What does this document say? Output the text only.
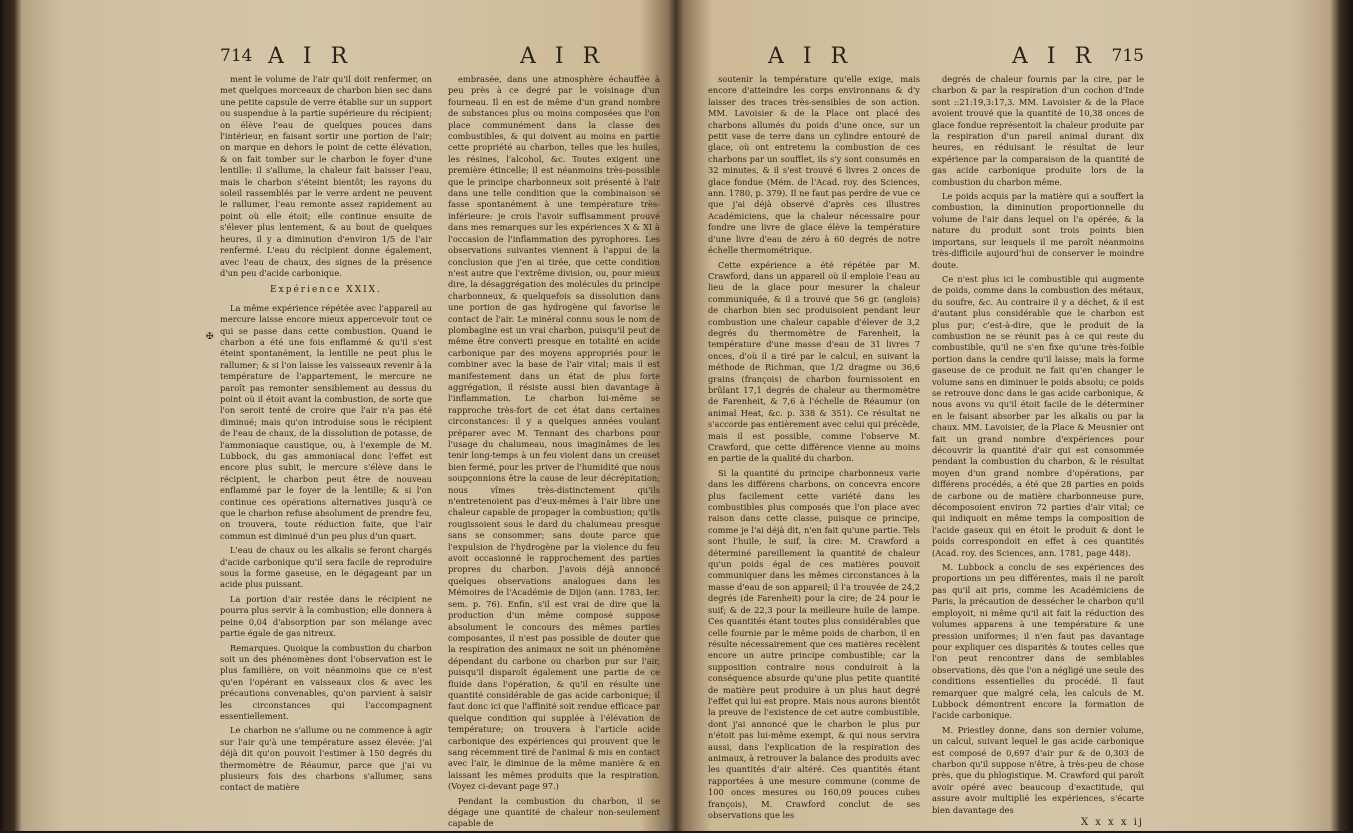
714 A I R	A I R
✠

ment le volume de l'air qu'il doit renfermer, on met quelques morceaux de charbon bien sec dans une petite capsule de verre établie sur un support ou suspendue à la partie supérieure du récipient; on élève l'eau de quelques pouces dans l'intérieur, en faisant sortir une portion de l'air; on marque en dehors le point de cette élévation, & on fait tomber sur le charbon le foyer d'une lentille: il s'allume, la chaleur fait baisser l'eau, mais le charbon s'éteint bientôt; les rayons du soleil rassemblés par le verre ardent ne peuvent le rallumer, l'eau remonte assez rapidement au point où elle étoit; elle continue ensuite de s'élever plus lentement, & au bout de quelques heures, il y a diminution d'environ 1/5 de l'air renfermé. L'eau du récipient donne également, avec l'eau de chaux, des signes de la présence d'un peu d'acide carbonique.

Expérience XXIX.

La même expérience répétée avec l'appareil au mercure laisse encore mieux appercevoir tout ce qui se passe dans cette combustion. Quand le charbon a été une fois enflammé & qu'il s'est éteint spontanément, la lentille ne peut plus le rallumer; & si l'on laisse les vaisseaux revenir à la température de l'appartement, le mercure ne paroît pas remonter sensiblement au dessus du point où il étoit avant la combustion, de sorte que l'on seroit tenté de croire que l'air n'a pas été diminué; mais qu'on introduise sous le récipient de l'eau de chaux, de la dissolution de potasse, de l'ammoniaque caustique, ou, à l'exemple de M. Lubbock, du gas ammoniacal donc l'effet est encore plus subit, le mercure s'élève dans le récipient, le charbon peut être de nouveau enflammé par le foyer de la lentille; & si l'on continue ces opérations alternatives jusqu'à ce que le charbon refuse absolument de prendre feu, on trouvera, toute réduction faite, que l'air commun est diminué d'un peu plus d'un quart.

L'eau de chaux ou les alkalis se feront chargés d'acide carbonique qu'il sera facile de reproduire sous la forme gaseuse, en le dégageant par un acide plus puissant.

La portion d'air restée dans le récipient ne pourra plus servir à la combustion; elle donnera à peine 0,04 d'absorption par son mélange avec partie égale de gas nitreux.

Remarques. Quoique la combustion du charbon soit un des phénomènes dont l'observation est le plus familière, on voit néanmoins que ce n'est qu'en l'opérant en vaisseaux clos & avec les précautions convenables, qu'on parvient à saisir les circonstances qui l'accompagnent essentiellement.

Le charbon ne s'allume ou ne commence à agir sur l'air qu'à une température assez élevée: j'ai déjà dit qu'on pouvoit l'estimer à 150 degrés du thermomètre de Réaumur, parce que j'ai vu plusieurs fois des charbons s'allumer, sans contact de matière

embrasée, dans une atmosphère échauffée à peu près à ce degré par le voisinage d'un fourneau. Il en est de même d'un grand nombre de substances plus ou moins composées que l'on place communément dans la classe des combustibles, & qui doivent au moins en partie cette propriété au charbon, telles que les huiles, les résines, l'alcohol, &c. Toutes exigent une première étincelle; il est néanmoins très-possible que le principe charbonneux soit présenté à l'air dans une telle condition que la combinaison se fasse spontanément à une température très-inférieure: je crois l'avoir suffisamment prouvé dans mes remarques sur les expériences X & XI à l'occasion de l'inflammation des pyrophores. Les observations suivantes viennent à l'appui de la conclusion que j'en ai tirée, que cette condition n'est autre que l'extrême division, ou, pour mieux dire, la désaggrégation des molécules du principe charbonneux, & quelquefois sa dissolution dans une portion de gas hydrogène qui favorise le contact de l'air. Le minéral connu sous le nom de plombagine est un vrai charbon, puisqu'il peut de même être converti presque en totalité en acide carbonique par des moyens appropriés pour le combiner avec la base de l'air vital; mais il est manifestement dans un état de plus forte aggrégation, il résiste aussi bien davantage à l'inflammation. Le charbon lui-même se rapproche très-fort de cet état dans certaines circonstances: il y a quelques années voulant préparer avec M. Tennant des charbons pour l'usage du chalumeau, nous imaginâmes de les tenir long-temps à un feu violent dans un creuset bien fermé, pour les priver de l'humidité que nous soupçonnions être la cause de leur décrépitation; nous vîmes très-distinctement qu'ils n'entretenoient pas d'eux-mêmes à l'air libre une chaleur capable de propager la combustion; qu'ils rougissoient sous le dard du chalumeau presque sans se consommer; sans doute parce que l'expulsion de l'hydrogène par la violence du feu avoit occasionné le rapprochement des parties propres du charbon. J'avois déjà annoncé quelques observations analogues dans les Mémoires de l'Académie de Dijon (ann. 1783, Ier. sem. p. 76). Enfin, s'il est vrai de dire que la production d'un même composé suppose absolument le concours des mêmes parties composantes, il n'est pas possible de douter que la respiration des animaux ne soit un phénomène dépendant du carbone ou charbon pur sur l'air, puisqu'il disparoît également une partie de ce fluide dans l'opération, & qu'il en résulte une quantité considérable de gas acide carbonique; il faut donc ici que l'affinité soit rendue efficace par quelque condition qui supplée à l'élévation de température; on trouvera à l'article acide carbonique des expériences qui prouvent que le sang récemment tiré de l'animal & mis en contact avec l'air, le diminue de la même manière & en laissant les mêmes produits que la respiration. (Voyez ci-devant page 97.)

Pendant la combustion du charbon, il se dégage une quantité de chaleur non-seulement capable de

A I R	A I R 715

soutenir la température qu'elle exige, mais encore d'atteindre les corps environnans & d'y laisser des traces très-sensibles de son action. MM. Lavoisier & de la Place ont placé des charbons allumés du poids d'une once, sur un petit vase de terre dans un cylindre entouré de glace, où ont entretenu la combustion de ces charbons par un soufflet, ils s'y sont consumés en 32 minutes, & il s'est trouvé 6 livres 2 onces de glace fondue (Mém. de l'Acad. roy. des Sciences, ann. 1780, p. 379). Il ne faut pas perdre de vue ce que j'ai déjà observé d'après ces illustres Académiciens, que la chaleur nécessaire pour fondre une livre de glace élève la température d'une livre d'eau de zéro à 60 degrés de notre échelle thermométrique.

Cette expérience a été répétée par M. Crawford, dans un appareil où il emploie l'eau au lieu de la glace pour mesurer la chaleur communiquée, & il a trouvé que 56 gr. (anglois) de charbon bien sec produisoient pendant leur combustion une chaleur capable d'élever de 3,2 degrés du thermomètre de Farenheit, la température d'une masse d'eau de 31 livres 7 onces, d'où il a tiré par le calcul, en suivant la méthode de Richman, que 1/2 dragme ou 36,6 grains (françois) de charbon fournissoient en brûlant 17,1 degrés de chaleur au thermomètre de Farenheit, & 7,6 à l'échelle de Réaumur (on animal Heat, &c. p. 338 & 351). Ce résultat ne s'accorde pas entièrement avec celui qui précède, mais il est possible, comme l'observe M. Crawford, que cette différence vienne au moins en partie de la qualité du charbon.

Si la quantité du principe charbonneux varie dans les différens charbons, on concevra encore plus facilement cette variété dans les combustibles plus composés que l'on place avec raison dans cette classe, puisque ce principe, comme je l'ai déjà dit, n'en fait qu'une partie. Tels sont l'huile, le suif, la cire: M. Crawford a déterminé pareillement la quantité de chaleur qu'un poids égal de ces matières pouvoit communiquer dans les mêmes circonstances à la masse d'eau de son appareil; il l'a trouvée de 24,2 degrés (de Farenheit) pour la cire; de 24 pour le suif; & de 22,3 pour la meilleure huile de lampe. Ces quantités étant toutes plus considérables que celle fournie par le même poids de charbon, il en résulte nécessairement que ces matières recèlent encore un autre principe combustible; car la supposition contraire nous conduiroit à la conséquence absurde qu'une plus petite quantité de matière peut produire à un plus haut degré l'effet qui lui est propre. Mais nous aurons bientôt la preuve de l'existence de cet autre combustible, dont j'ai annoncé que le charbon le plus pur n'étoit pas lui-même exempt, & qui nous servira aussi, dans l'explication de la respiration des animaux, à retrouver la balance des produits avec les quantités d'air altéré. Ces quantités étant rapportées à une mesure commune (comme de 100 onces mesures ou 160,09 pouces cubes françois), M. Crawford conclut de ses observations que les

degrés de chaleur fournis par la cire, par le charbon & par la respiration d'un cochon d'Inde sont ::21:19,3:17,3. MM. Lavoisier & de la Place avoient trouvé que la quantité de 10,38 onces de glace fondue représentoit la chaleur produite par la respiration d'un pareil animal durant dix heures, en réduisant le résultat de leur expérience par la comparaison de la quantité de gas acide carbonique produite lors de la combustion du charbon même.

Le poids acquis par la matière qui a souffert la combustion, la diminution proportionnelle du volume de l'air dans lequel on l'a opérée, & la nature du produit sont trois points bien importans, sur lesquels il me paroît néanmoins très-difficile aujourd'hui de conserver le moindre doute.

Ce n'est plus ici le combustible qui augmente de poids, comme dans la combustion des métaux, du soufre, &c. Au contraire il y a déchet, & il est d'autant plus considérable que le charbon est plus pur; c'est-à-dire, que le produit de la combustion ne se réunit pas à ce qui reste du combustible, qu'il ne s'en fixe qu'une très-foible portion dans la cendre qu'il laisse; mais la forme gaseuse de ce produit ne fait qu'en changer le volume sans en diminuer le poids absolu; ce poids se retrouve donc dans le gas acide carbonique, & nous avons vu qu'il étoit facile de le déterminer en le faisant absorber par les alkalis ou par la chaux. MM. Lavoisier, de la Place & Meusnier ont fait un grand nombre d'expériences pour découvrir la quantité d'air qui est consommée pendant la combustion du charbon, & le résultat moyen d'un grand nombre d'opérations, par différens procédés, a été que 28 parties en poids de carbone ou de matière charbonneuse pure, décomposoient environ 72 parties d'air vital; ce qui indiquoit en même temps la composition de l'acide gaseux qui en étoit le produit & dont le poids correspondoit en effet à ces quantités (Acad. roy. des Sciences, ann. 1781, page 448).

M. Lubbock a conclu de ses expériences des proportions un peu différentes, mais il ne paroît pas qu'il ait pris, comme les Académiciens de Paris, la précaution de dessécher le charbon qu'il employoit, ni même qu'il ait fait la réduction des volumes apparens à une température & une pression uniformes; il n'en faut pas davantage pour expliquer ces disparités & toutes celles que l'on peut rencontrer dans de semblables observations, dès que l'on a négligé une seule des conditions essentielles du procédé. Il faut remarquer que malgré cela, les calculs de M. Lubbock démontrent encore la formation de l'acide carbonique.

M. Priestley donne, dans son dernier volume, un calcul, suivant lequel le gas acide carbonique est composé de 0,697 d'air pur & de 0,303 de charbon qu'il suppose n'être, à très-peu de chose près, que du phlogistique. M. Crawford qui paroît avoir opéré avec beaucoup d'exactitude, qui assure avoir multiplié les expériences, s'écarte bien davantage des

X x x x ij
